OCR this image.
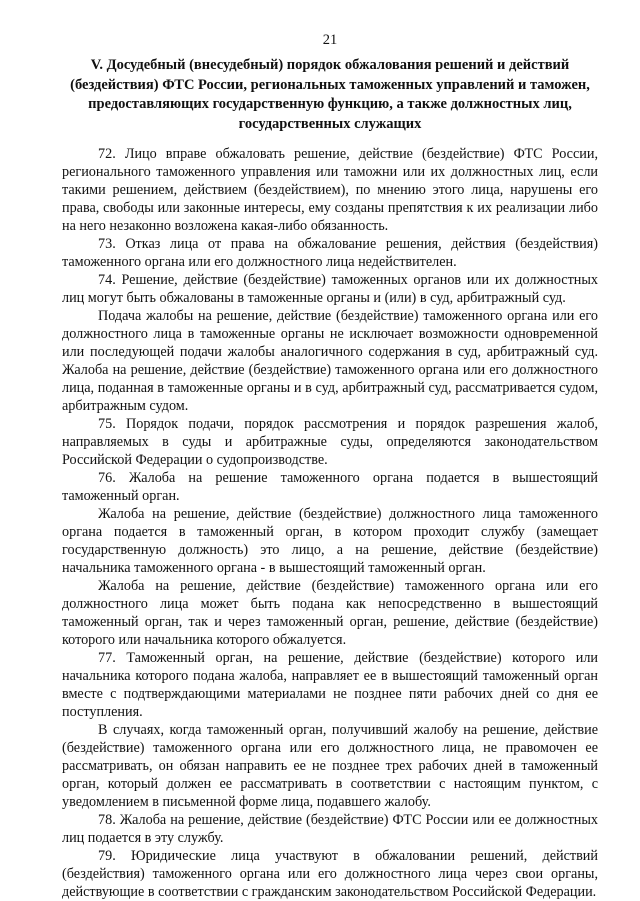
21
V. Досудебный (внесудебный) порядок обжалования решений и действий (бездействия) ФТС России, региональных таможенных управлений и таможен, предоставляющих государственную функцию, а также должностных лиц, государственных служащих

72. Лицо вправе обжаловать решение, действие (бездействие) ФТС России, регионального таможенного управления или таможни или их должностных лиц, если такими решением, действием (бездействием), по мнению этого лица, нарушены его права, свободы или законные интересы, ему созданы препятствия к их реализации либо на него незаконно возложена какая-либо обязанность.

73. Отказ лица от права на обжалование решения, действия (бездействия) таможенного органа или его должностного лица недействителен.

74. Решение, действие (бездействие) таможенных органов или их должностных лиц могут быть обжалованы в таможенные органы и (или) в суд, арбитражный суд.

Подача жалобы на решение, действие (бездействие) таможенного органа или его должностного лица в таможенные органы не исключает возможности одновременной или последующей подачи жалобы аналогичного содержания в суд, арбитражный суд. Жалоба на решение, действие (бездействие) таможенного органа или его должностного лица, поданная в таможенные органы и в суд, арбитражный суд, рассматривается судом, арбитражным судом.

75. Порядок подачи, порядок рассмотрения и порядок разрешения жалоб, направляемых в суды и арбитражные суды, определяются законодательством Российской Федерации о судопроизводстве.

76. Жалоба на решение таможенного органа подается в вышестоящий таможенный орган.

Жалоба на решение, действие (бездействие) должностного лица таможенного органа подается в таможенный орган, в котором проходит службу (замещает государственную должность) это лицо, а на решение, действие (бездействие) начальника таможенного органа - в вышестоящий таможенный орган.

Жалоба на решение, действие (бездействие) таможенного органа или его должностного лица может быть подана как непосредственно в вышестоящий таможенный орган, так и через таможенный орган, решение, действие (бездействие) которого или начальника которого обжалуется.

77. Таможенный орган, на решение, действие (бездействие) которого или начальника которого подана жалоба, направляет ее в вышестоящий таможенный орган вместе с подтверждающими материалами не позднее пяти рабочих дней со дня ее поступления.

В случаях, когда таможенный орган, получивший жалобу на решение, действие (бездействие) таможенного органа или его должностного лица, не правомочен ее рассматривать, он обязан направить ее не позднее трех рабочих дней в таможенный орган, который должен ее рассматривать в соответствии с настоящим пунктом, с уведомлением в письменной форме лица, подавшего жалобу.

78. Жалоба на решение, действие (бездействие) ФТС России или ее должностных лиц подается в эту службу.

79. Юридические лица участвуют в обжаловании решений, действий (бездействия) таможенного органа или его должностного лица через свои органы, действующие в соответствии с гражданским законодательством Российской Федерации.
